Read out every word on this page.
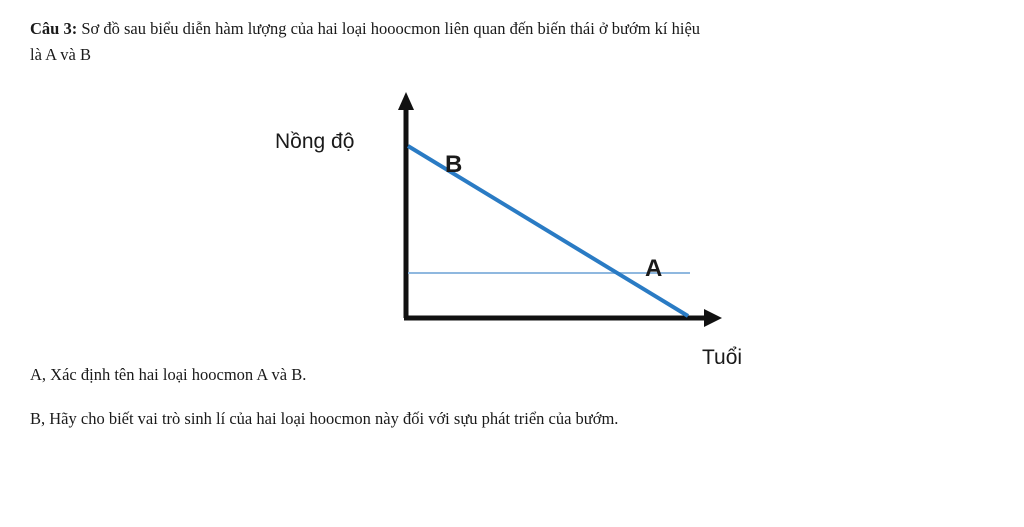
Câu 3: Sơ đồ sau biểu diễn hàm lượng của hai loại hooocmon liên quan đến biến thái ở bướm kí hiệu
là A và B
Nồng độ
Tuổi
B
A
A, Xác định tên hai loại hoocmon A và B.
B, Hãy cho biết vai trò sinh lí của hai loại hoocmon này đối với sựu phát triển của bướm.
